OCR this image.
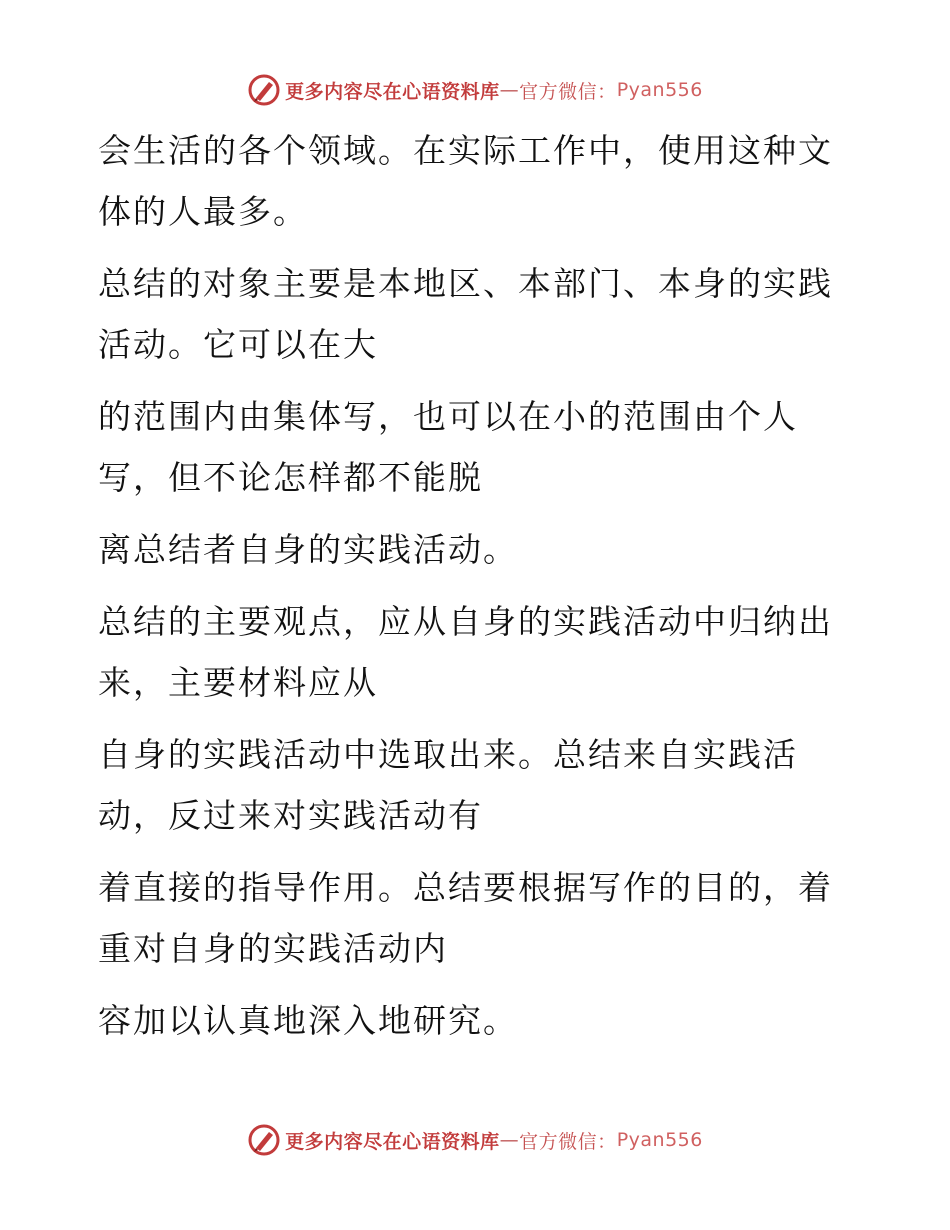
更多内容尽在心语资料库 — 官方微信： Pyan556

会生活的各个领域。在实际工作中，使用这种文

体的人最多。

总结的对象主要是本地区、本部门、本身的实践

活动。它可以在大

的范围内由集体写，也可以在小的范围由个人

写，但不论怎样都不能脱

离总结者自身的实践活动。

总结的主要观点，应从自身的实践活动中归纳出

来，主要材料应从

自身的实践活动中选取出来。总结来自实践活

动，反过来对实践活动有

着直接的指导作用。总结要根据写作的目的，着

重对自身的实践活动内

容加以认真地深入地研究。

更多内容尽在心语资料库 — 官方微信： Pyan556
